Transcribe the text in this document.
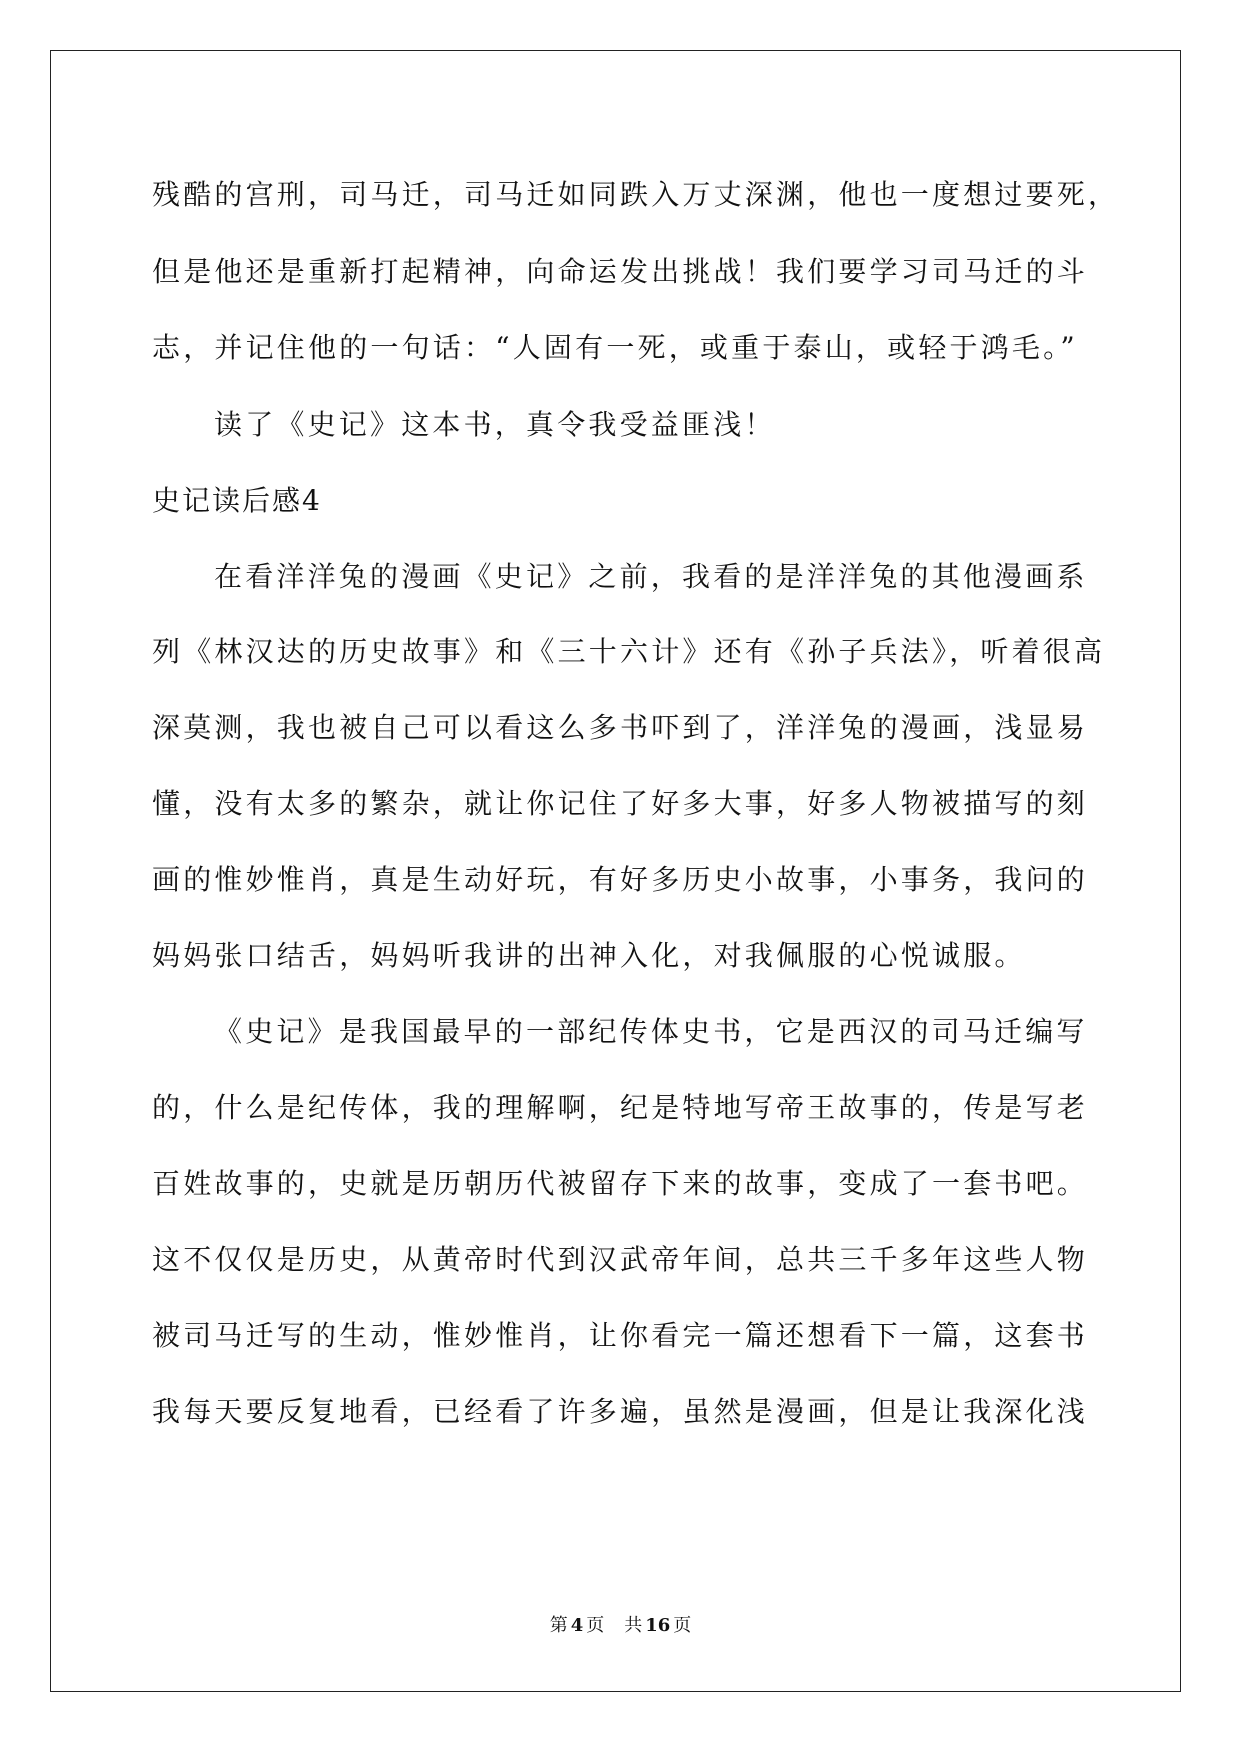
残酷的宫刑，司马迁，司马迁如同跌入万丈深渊，他也一度想过要死，
但是他还是重新打起精神，向命运发出挑战！我们要学习司马迁的斗
志，并记住他的一句话：“人固有一死，或重于泰山，或轻于鸿毛。”
读了《史记》这本书，真令我受益匪浅！
史记读后感4
在看洋洋兔的漫画《史记》之前，我看的是洋洋兔的其他漫画系
列《林汉达的历史故事》和《三十六计》还有《孙子兵法》，听着很高
深莫测，我也被自己可以看这么多书吓到了，洋洋兔的漫画，浅显易
懂，没有太多的繁杂，就让你记住了好多大事，好多人物被描写的刻
画的惟妙惟肖，真是生动好玩，有好多历史小故事，小事务，我问的
妈妈张口结舌，妈妈听我讲的出神入化，对我佩服的心悦诚服。
《史记》是我国最早的一部纪传体史书，它是西汉的司马迁编写
的，什么是纪传体，我的理解啊，纪是特地写帝王故事的，传是写老
百姓故事的，史就是历朝历代被留存下来的故事，变成了一套书吧。
这不仅仅是历史，从黄帝时代到汉武帝年间，总共三千多年这些人物
被司马迁写的生动，惟妙惟肖，让你看完一篇还想看下一篇，这套书
我每天要反复地看，已经看了许多遍，虽然是漫画，但是让我深化浅
第 4 页 共 16 页
